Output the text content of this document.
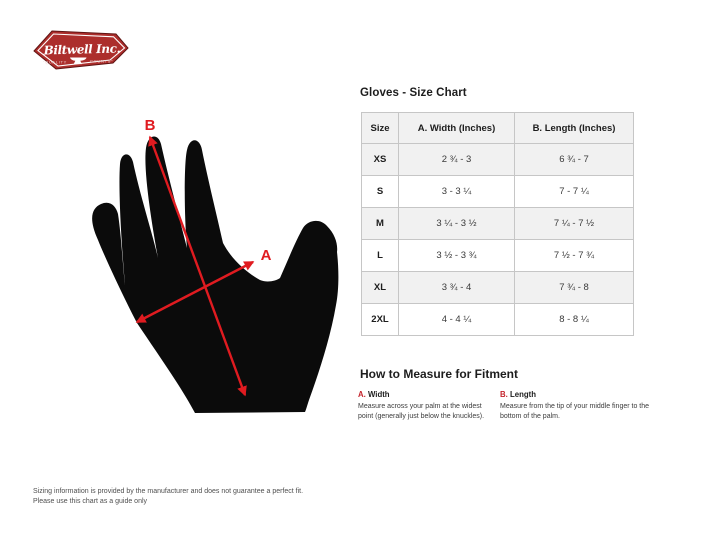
Biltwell Inc.
“QUALITY	COUNTS”
A
B
Gloves - Size Chart
Size	A. Width (Inches)	B. Length (Inches)
XS	2 ¾ - 3	6 ¾ - 7
S	3 - 3 ¼	7 - 7 ¼
M	3 ¼ - 3 ½	7 ¼ - 7 ½
L	3 ½ - 3 ¾	7 ½ - 7 ¾
XL	3 ¾ - 4	7 ¾ - 8
2XL	4 - 4 ¼	8 - 8 ¼
How to Measure for Fitment
A. Width
Measure across your palm at the widest point (generally just below the knuckles).
B. Length
Measure from the tip of your middle finger to the bottom of the palm.
Sizing information is provided by the manufacturer and does not guarantee a perfect fit.
Please use this chart as a guide only
